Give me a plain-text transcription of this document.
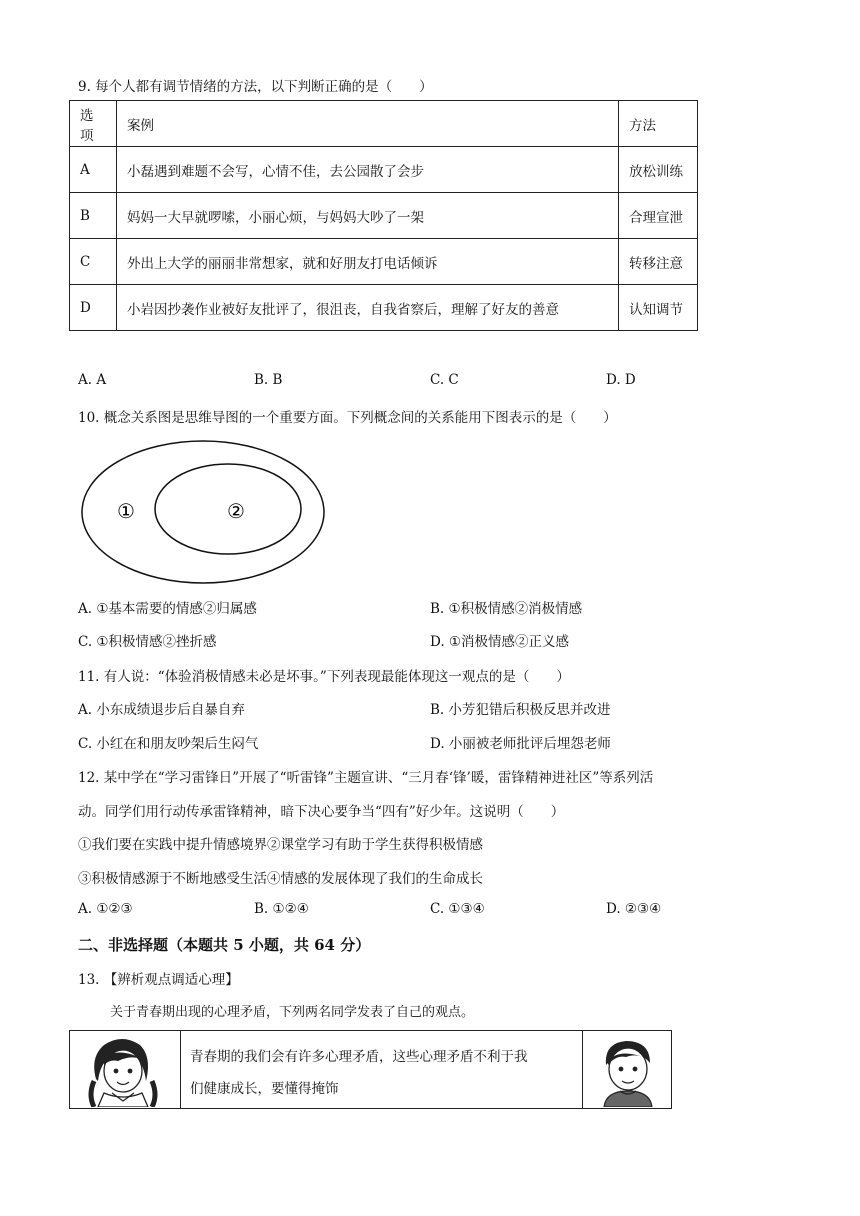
9. 每个人都有调节情绪的方法，以下判断正确的是（　　）
选项	案例	方法
A	小磊遇到难题不会写，心情不佳，去公园散了会步	放松训练
B	妈妈一大早就啰嗦，小丽心烦，与妈妈大吵了一架	合理宣泄
C	外出上大学的丽丽非常想家，就和好朋友打电话倾诉	转移注意
D	小岩因抄袭作业被好友批评了，很沮丧，自我省察后，理解了好友的善意	认知调节
A. A	B. B	C. C	D. D
10. 概念关系图是思维导图的一个重要方面。下列概念间的关系能用下图表示的是（　　）
①	②
A. ①基本需要的情感②归属感	B. ①积极情感②消极情感
C. ①积极情感②挫折感	D. ①消极情感②正义感
11. 有人说：“体验消极情感未必是坏事。”下列表现最能体现这一观点的是（　　）
A. 小东成绩退步后自暴自弃	B. 小芳犯错后积极反思并改进
C. 小红在和朋友吵架后生闷气	D. 小丽被老师批评后埋怨老师
12. 某中学在“学习雷锋日”开展了“听雷锋”主题宣讲、“三月春‘锋’暖，雷锋精神进社区”等系列活
动。同学们用行动传承雷锋精神，暗下决心要争当“四有”好少年。这说明（　　）
①我们要在实践中提升情感境界②课堂学习有助于学生获得积极情感
③积极情感源于不断地感受生活④情感的发展体现了我们的生命成长
A. ①②③	B. ①②④	C. ①③④	D. ②③④
二、非选择题（本题共 5 小题，共 64 分）
13. 【辨析观点调适心理】
关于青春期出现的心理矛盾，下列两名同学发表了自己的观点。
青春期的我们会有许多心理矛盾，这些心理矛盾不利于我
们健康成长，要懂得掩饰
